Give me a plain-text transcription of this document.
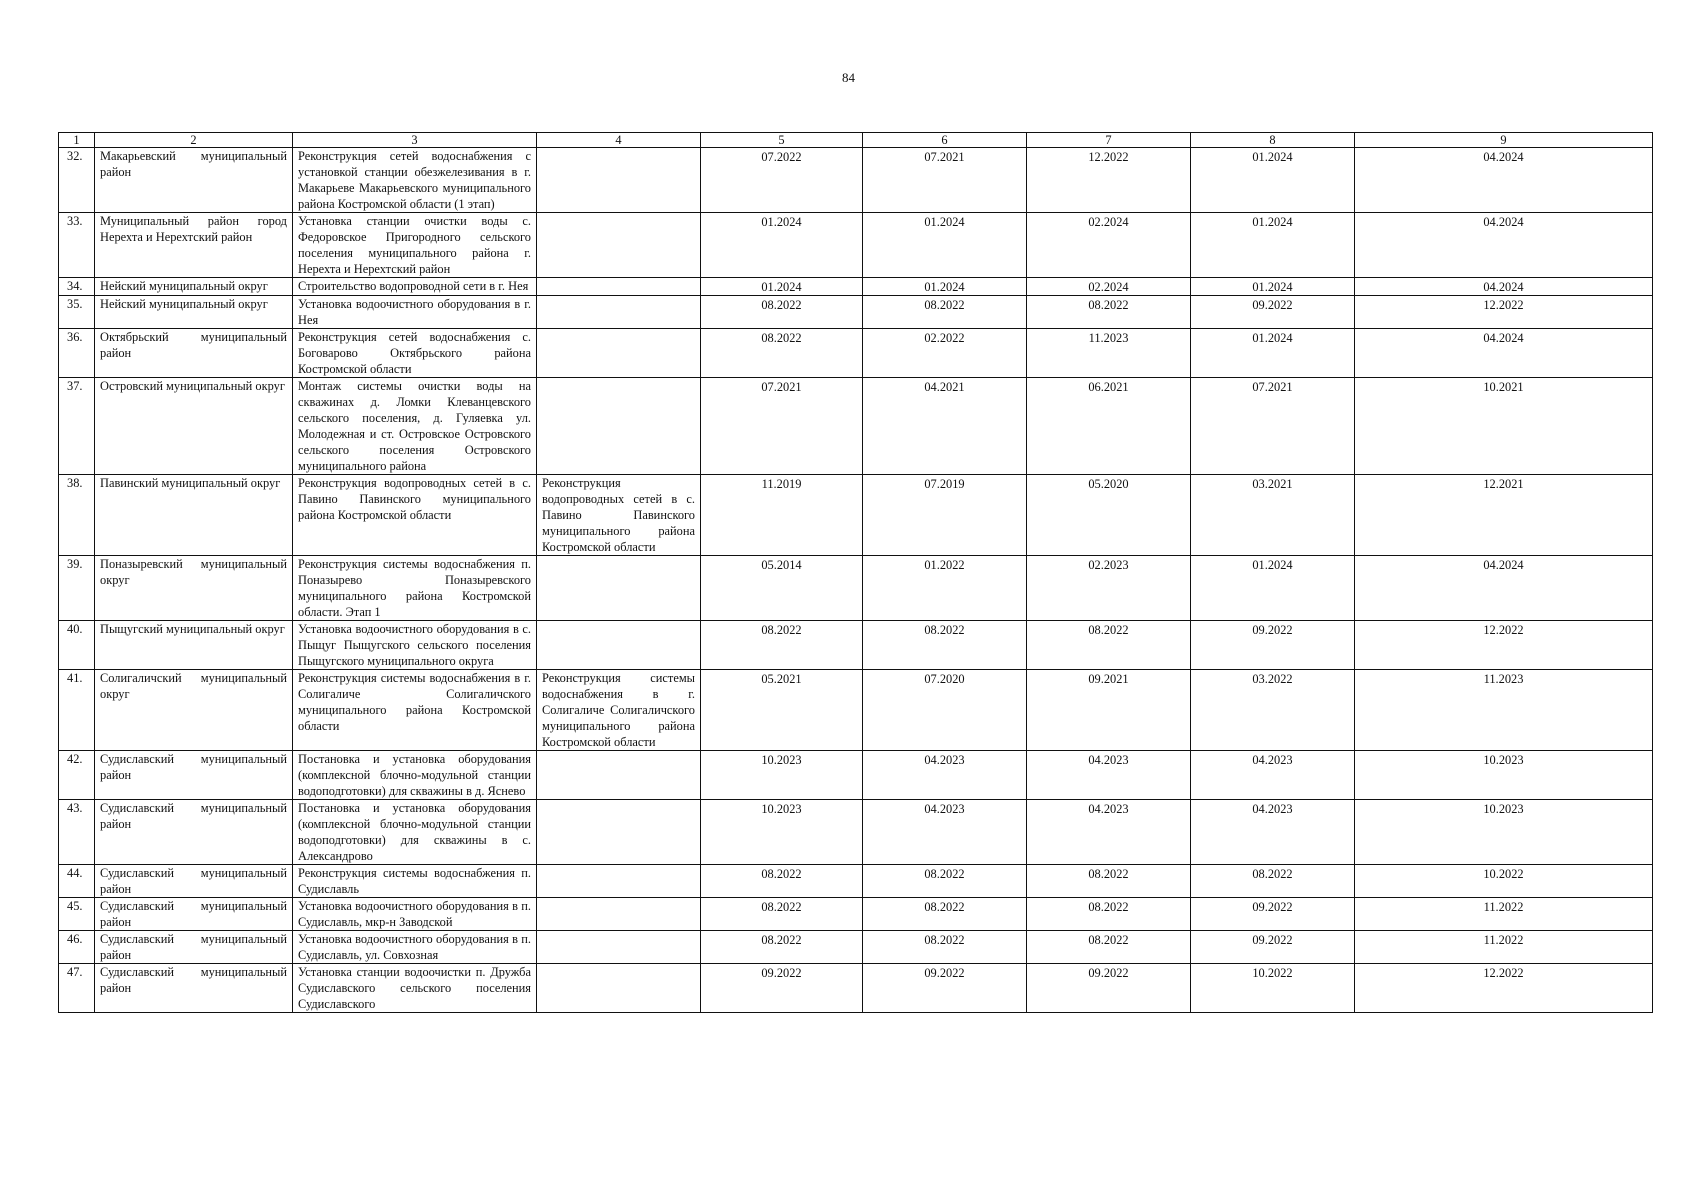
84
1	2	3	4	5	6	7	8	9
32.	Макарьевский муниципальный район	Реконструкция сетей водоснабжения с установкой станции обезжелезивания в г. Макарьеве Макарьевского муниципального района Костромской области (1 этап)		07.2022	07.2021	12.2022	01.2024	04.2024
33.	Муниципальный район город Нерехта и Нерехтский район	Установка станции очистки воды с. Федоровское Пригородного сельского поселения муниципального района г. Нерехта и Нерехтский район		01.2024	01.2024	02.2024	01.2024	04.2024
34.	Нейский муниципальный округ	Строительство водопроводной сети в г. Нея		01.2024	01.2024	02.2024	01.2024	04.2024
35.	Нейский муниципальный округ	Установка водоочистного оборудования в г. Нея		08.2022	08.2022	08.2022	09.2022	12.2022
36.	Октябрьский муниципальный район	Реконструкция сетей водоснабжения с. Боговарово Октябрьского района Костромской области		08.2022	02.2022	11.2023	01.2024	04.2024
37.	Островский муниципальный округ	Монтаж системы очистки воды на скважинах д. Ломки Клеванцевского сельского поселения, д. Гуляевка ул. Молодежная и ст. Островское Островского сельского поселения Островского муниципального района		07.2021	04.2021	06.2021	07.2021	10.2021
38.	Павинский муниципальный округ	Реконструкция водопроводных сетей в с. Павино Павинского муниципального района Костромской области	Реконструкция водопроводных сетей в с. Павино Павинского муниципального района Костромской области	11.2019	07.2019	05.2020	03.2021	12.2021
39.	Поназыревский муниципальный округ	Реконструкция системы водоснабжения п. Поназырево Поназыревского муниципального района Костромской области. Этап 1		05.2014	01.2022	02.2023	01.2024	04.2024
40.	Пыщугский муниципальный округ	Установка водоочистного оборудования в с. Пыщуг Пыщугского сельского поселения Пыщугского муниципального округа		08.2022	08.2022	08.2022	09.2022	12.2022
41.	Солигаличский муниципальный округ	Реконструкция системы водоснабжения в г. Солигаличе Солигаличского муниципального района Костромской области	Реконструкция системы водоснабжения в г. Солигаличе Солигаличского муниципального района Костромской области	05.2021	07.2020	09.2021	03.2022	11.2023
42.	Судиславский муниципальный район	Постановка и установка оборудования (комплексной блочно-модульной станции водоподготовки) для скважины в д. Яснево		10.2023	04.2023	04.2023	04.2023	10.2023
43.	Судиславский муниципальный район	Постановка и установка оборудования (комплексной блочно-модульной станции водоподготовки) для скважины в с. Александрово		10.2023	04.2023	04.2023	04.2023	10.2023
44.	Судиславский муниципальный район	Реконструкция системы водоснабжения п. Судиславль		08.2022	08.2022	08.2022	08.2022	10.2022
45.	Судиславский муниципальный район	Установка водоочистного оборудования в п. Судиславль, мкр-н Заводской		08.2022	08.2022	08.2022	09.2022	11.2022
46.	Судиславский муниципальный район	Установка водоочистного оборудования в п. Судиславль, ул. Совхозная		08.2022	08.2022	08.2022	09.2022	11.2022
47.	Судиславский муниципальный район	Установка станции водоочистки п. Дружба Судиславского сельского поселения Судиславского		09.2022	09.2022	09.2022	10.2022	12.2022
